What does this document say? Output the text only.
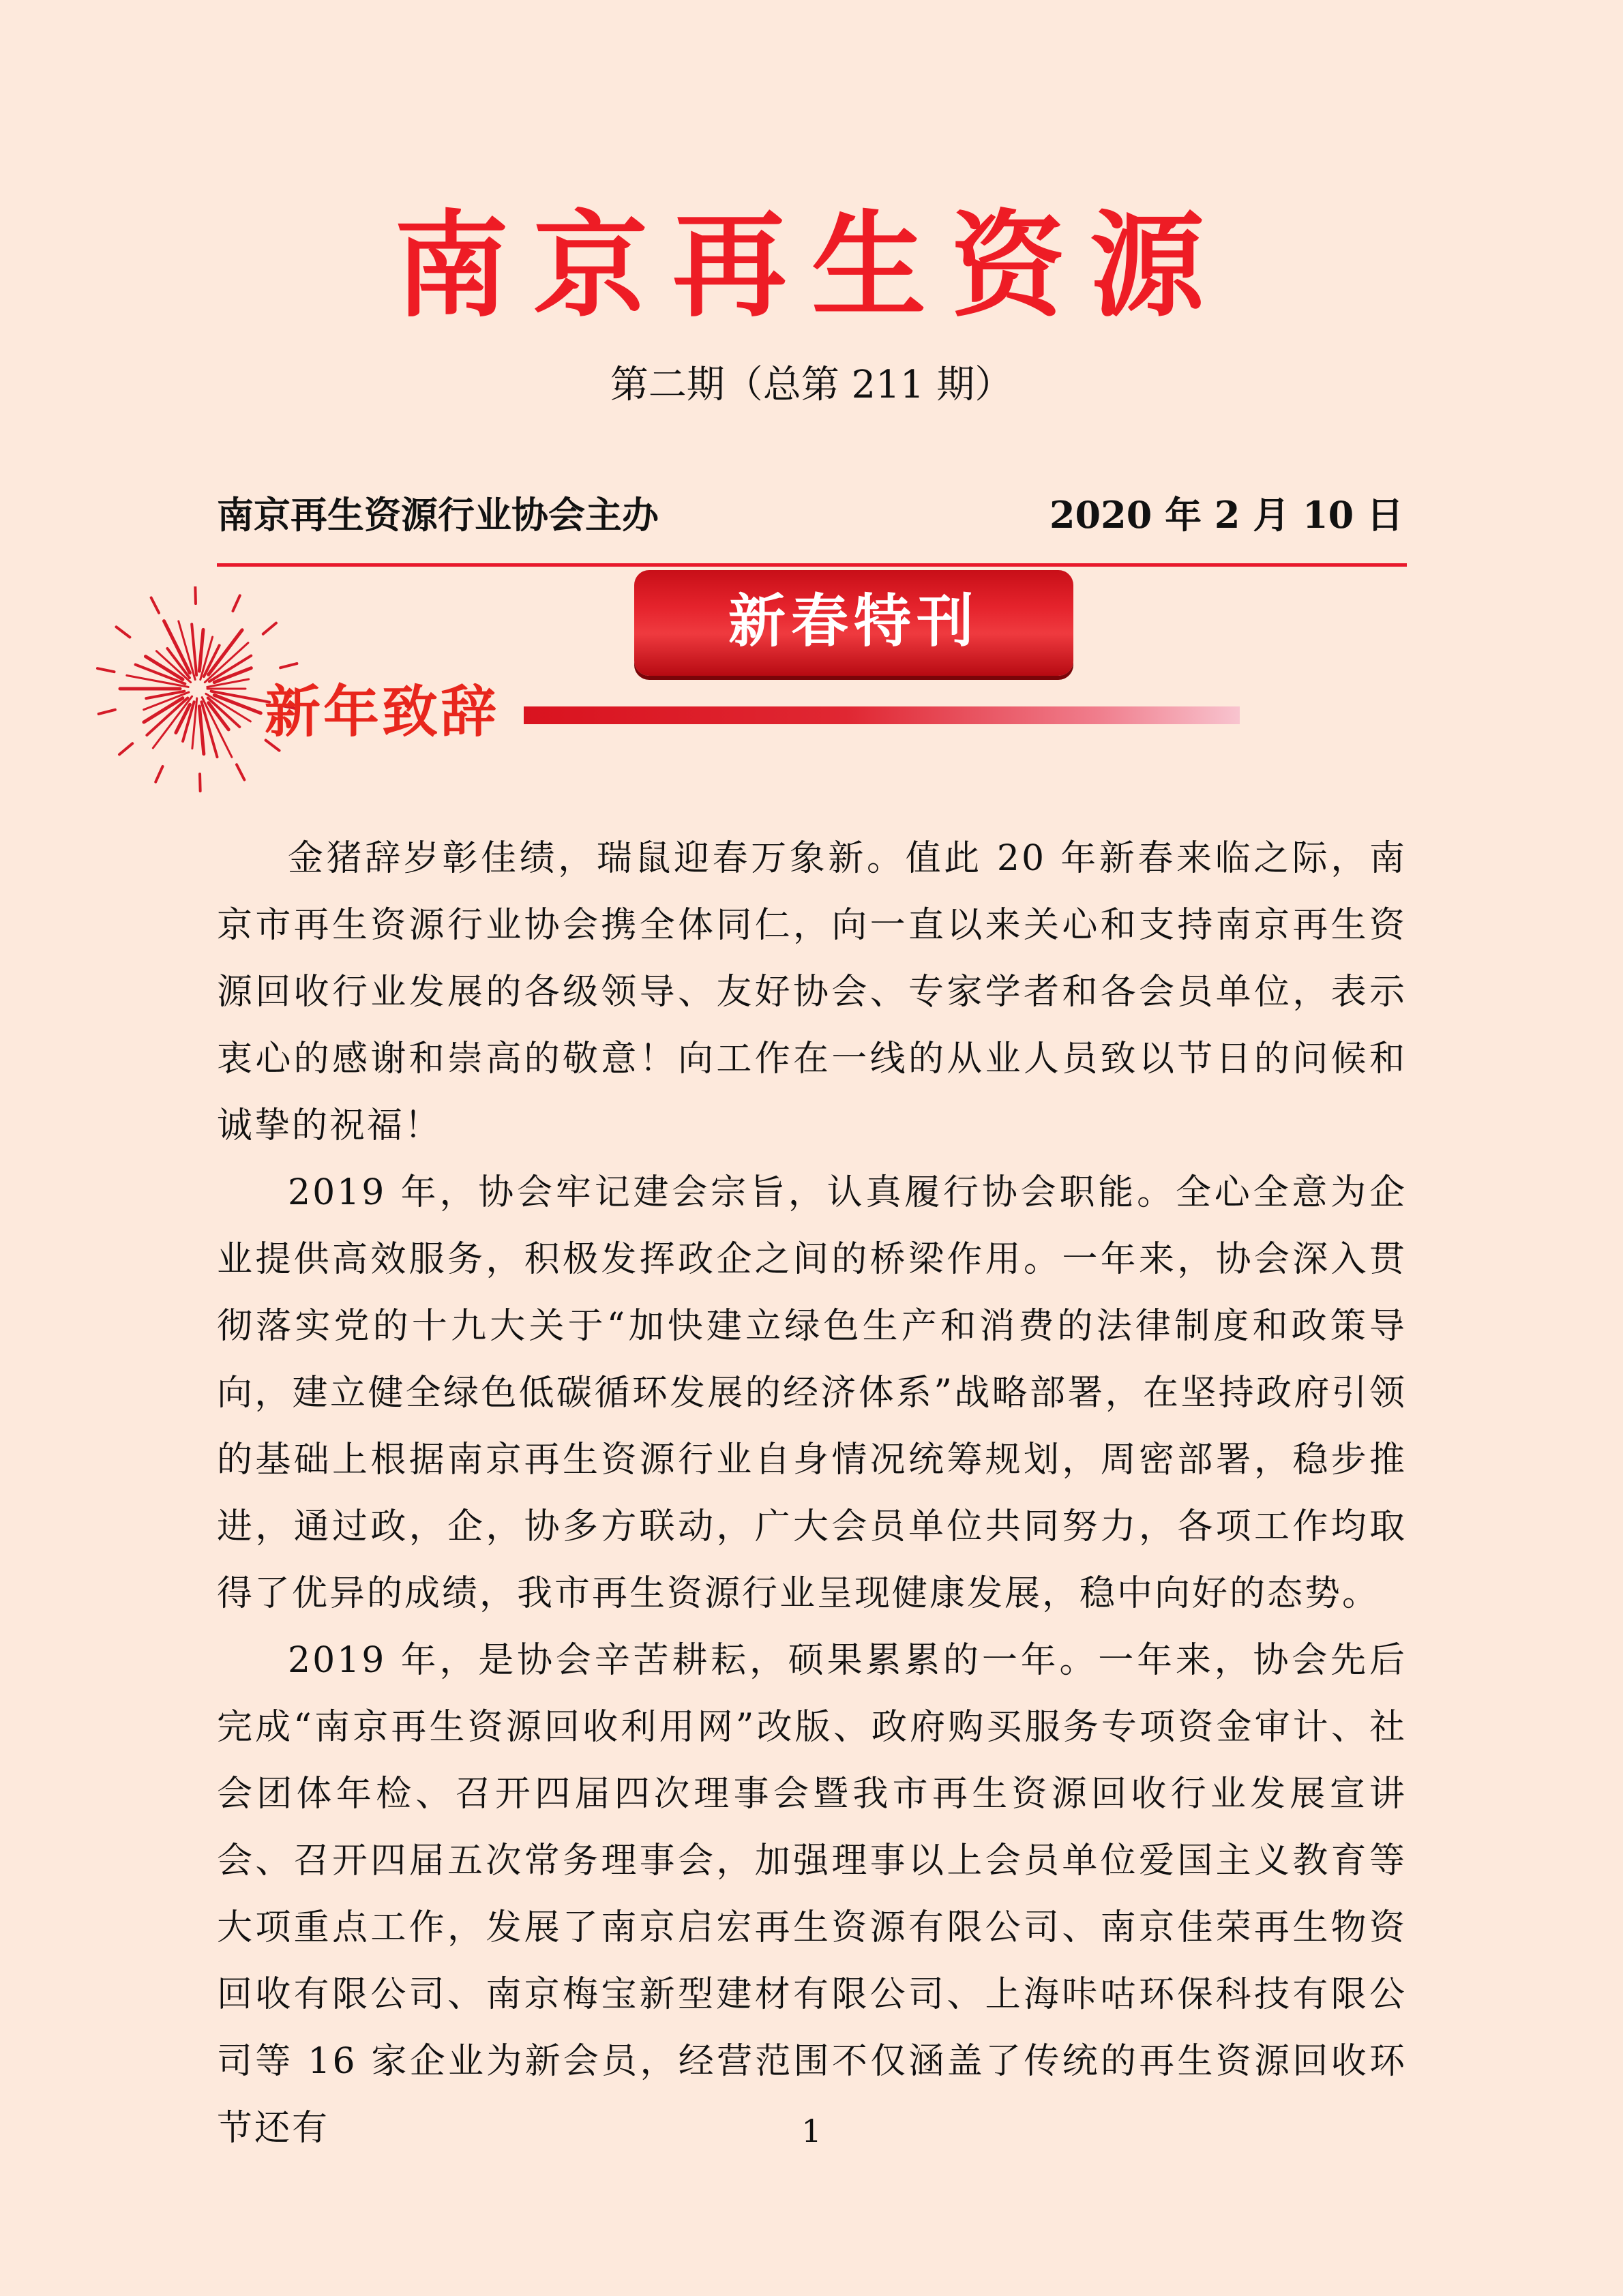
南京再生资源
第二期（总第 211 期）
南京再生资源行业协会主办	2020 年 2 月 10 日
新春特刊
新年致辞

金猪辞岁彰佳绩，瑞鼠迎春万象新。值此 20 年新春来临之际，南京市再生资源行业协会携全体同仁，向一直以来关心和支持南京再生资源回收行业发展的各级领导、友好协会、专家学者和各会员单位，表示衷心的感谢和崇高的敬意！向工作在一线的从业人员致以节日的问候和诚挚的祝福！

2019 年，协会牢记建会宗旨，认真履行协会职能。全心全意为企业提供高效服务，积极发挥政企之间的桥梁作用。一年来，协会深入贯彻落实党的十九大关于“加快建立绿色生产和消费的法律制度和政策导向，建立健全绿色低碳循环发展的经济体系”战略部署，在坚持政府引领的基础上根据南京再生资源行业自身情况统筹规划，周密部署，稳步推进，通过政，企，协多方联动，广大会员单位共同努力，各项工作均取得了优异的成绩，我市再生资源行业呈现健康发展，稳中向好的态势。

2019 年，是协会辛苦耕耘，硕果累累的一年。一年来，协会先后完成“南京再生资源回收利用网”改版、政府购买服务专项资金审计、社会团体年检、召开四届四次理事会暨我市再生资源回收行业发展宣讲会、召开四届五次常务理事会，加强理事以上会员单位爱国主义教育等大项重点工作，发展了南京启宏再生资源有限公司、南京佳荣再生物资回收有限公司、南京梅宝新型建材有限公司、上海咔咕环保科技有限公司等 16 家企业为新会员，经营范围不仅涵盖了传统的再生资源回收环节还有	1
